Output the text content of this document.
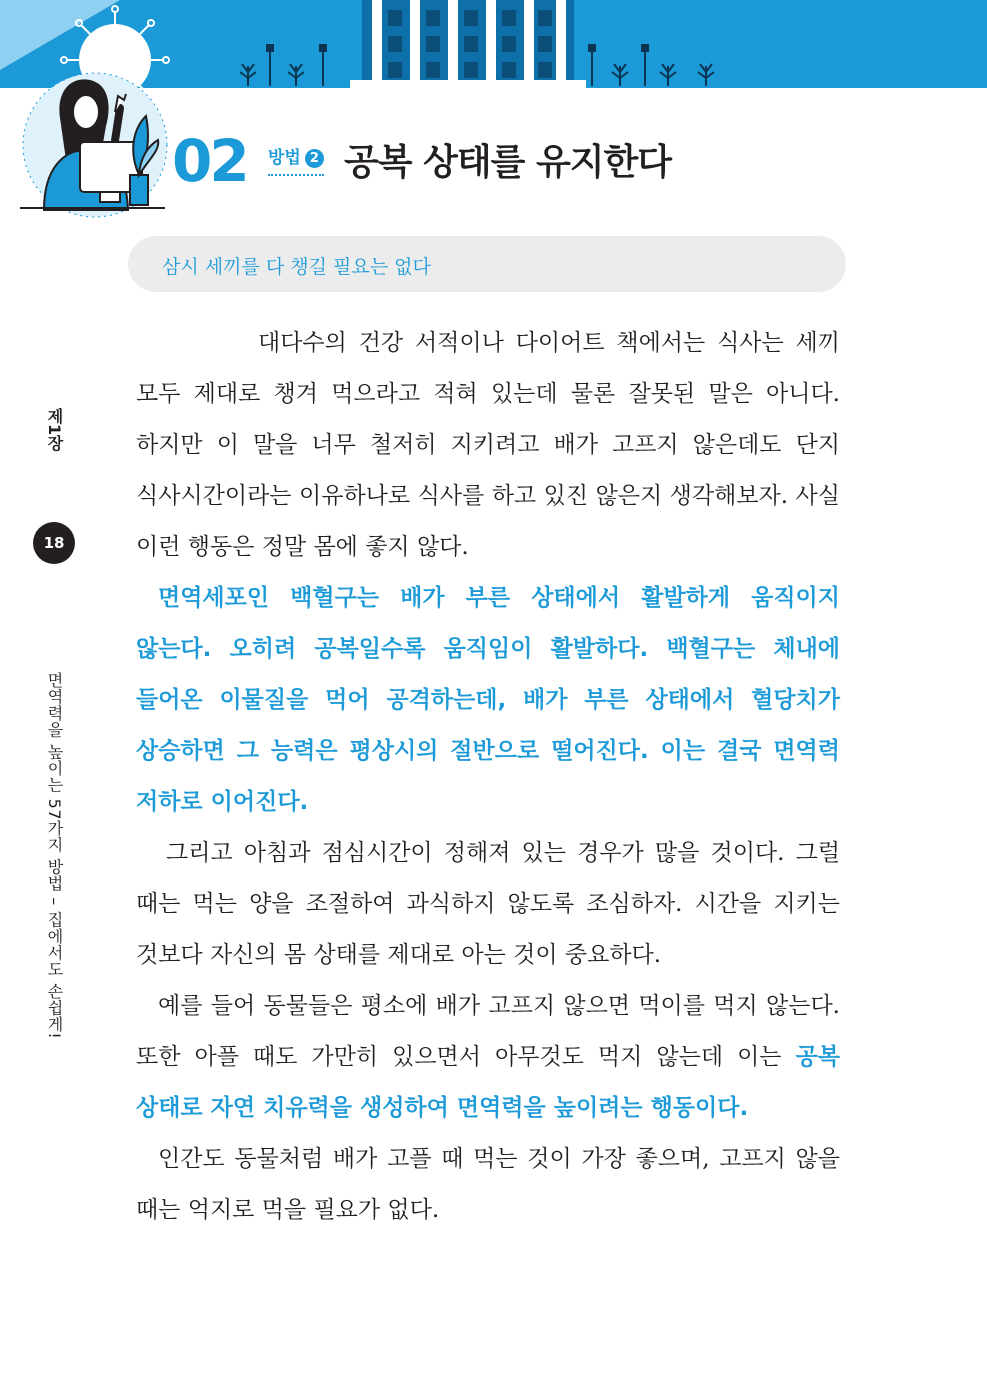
02 방법 2 공복 상태를 유지한다
삼시 세끼를 다 챙길 필요는 없다

대다수의 건강 서적이나 다이어트 책에서는 식사는 세끼 모두 제대로 챙겨 먹으라고 적혀 있는데 물론 잘못된 말은 아니다. 하지만 이 말을 너무 철저히 지키려고 배가 고프지 않은데도 단지 식사시간이라는 이유하나로 식사를 하고 있진 않은지 생각해보자. 사실 이런 행동은 정말 몸에 좋지 않다.

면역세포인 백혈구는 배가 부른 상태에서 활발하게 움직이지 않는다. 오히려 공복일수록 움직임이 활발하다. 백혈구는 체내에 들어온 이물질을 먹어 공격하는데, 배가 부른 상태에서 혈당치가 상승하면 그 능력은 평상시의 절반으로 떨어진다. 이는 결국 면역력 저하로 이어진다.

그리고 아침과 점심시간이 정해져 있는 경우가 많을 것이다. 그럴 때는 먹는 양을 조절하여 과식하지 않도록 조심하자. 시간을 지키는 것보다 자신의 몸 상태를 제대로 아는 것이 중요하다.

예를 들어 동물들은 평소에 배가 고프지 않으면 먹이를 먹지 않는다. 또한 아플 때도 가만히 있으면서 아무것도 먹지 않는데 이는 공복 상태로 자연 치유력을 생성하여 면역력을 높이려는 행동이다.

인간도 동물처럼 배가 고플 때 먹는 것이 가장 좋으며, 고프지 않을 때는 억지로 먹을 필요가 없다.

제1장
18
면역력을 높이는 57가지 방법 – 집에서도 손쉽게!
